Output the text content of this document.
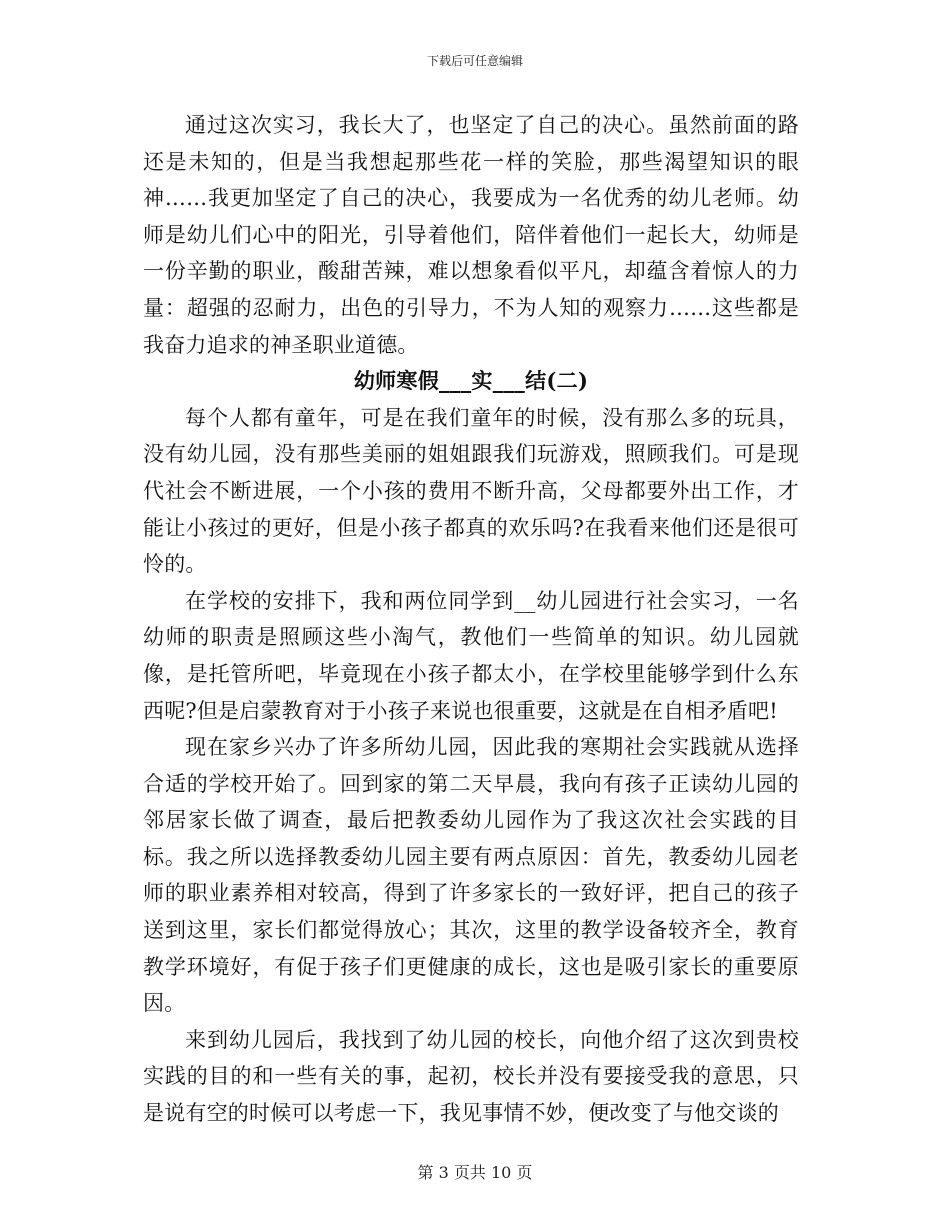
下载后可任意编辑

通过这次实习，我长大了，也坚定了自己的决心。虽然前面的路还是未知的，但是当我想起那些花一样的笑脸，那些渴望知识的眼神……我更加坚定了自己的决心，我要成为一名优秀的幼儿老师。幼师是幼儿们心中的阳光，引导着他们，陪伴着他们一起长大，幼师是一份辛勤的职业，酸甜苦辣，难以想象看似平凡，却蕴含着惊人的力量：超强的忍耐力，出色的引导力，不为人知的观察力……这些都是我奋力追求的神圣职业道德。

幼师寒假___实___结(二)

每个人都有童年，可是在我们童年的时候，没有那么多的玩具，没有幼儿园，没有那些美丽的姐姐跟我们玩游戏，照顾我们。可是现代社会不断进展，一个小孩的费用不断升高，父母都要外出工作，才能让小孩过的更好，但是小孩子都真的欢乐吗?在我看来他们还是很可怜的。

在学校的安排下，我和两位同学到__幼儿园进行社会实习，一名幼师的职责是照顾这些小淘气，教他们一些简单的知识。幼儿园就像，是托管所吧，毕竟现在小孩子都太小，在学校里能够学到什么东西呢?但是启蒙教育对于小孩子来说也很重要，这就是在自相矛盾吧!

现在家乡兴办了许多所幼儿园，因此我的寒期社会实践就从选择合适的学校开始了。回到家的第二天早晨，我向有孩子正读幼儿园的邻居家长做了调查，最后把教委幼儿园作为了我这次社会实践的目标。我之所以选择教委幼儿园主要有两点原因：首先，教委幼儿园老师的职业素养相对较高，得到了许多家长的一致好评，把自己的孩子送到这里，家长们都觉得放心；其次，这里的教学设备较齐全，教育教学环境好，有促于孩子们更健康的成长，这也是吸引家长的重要原因。

来到幼儿园后，我找到了幼儿园的校长，向他介绍了这次到贵校实践的目的和一些有关的事，起初，校长并没有要接受我的意思，只是说有空的时候可以考虑一下，我见事情不妙，便改变了与他交谈的

第 3 页共 10 页
